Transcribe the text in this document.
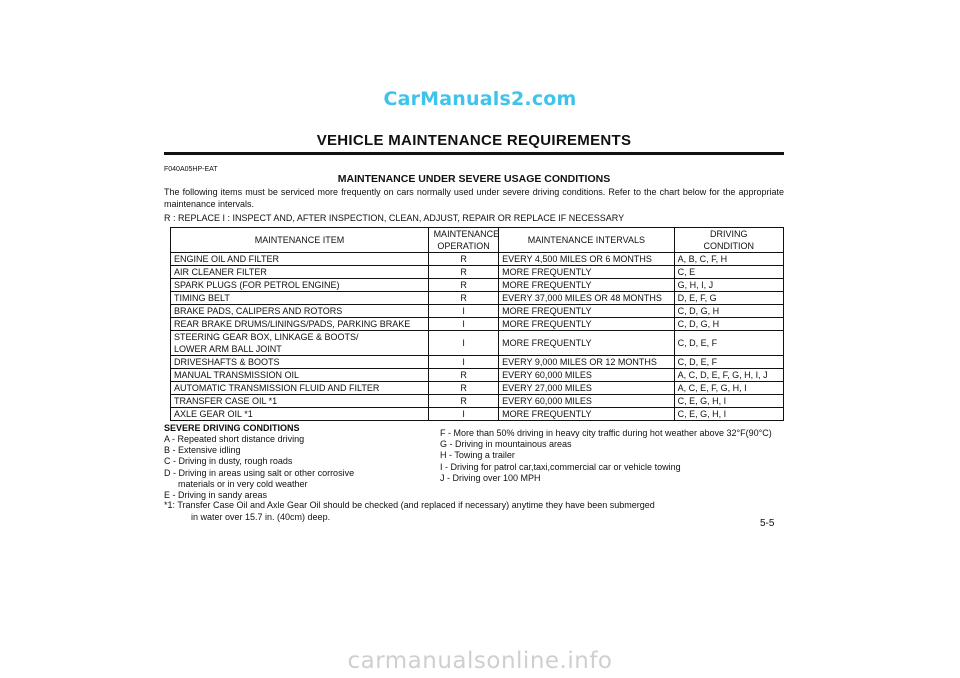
CarManuals2.com
VEHICLE MAINTENANCE REQUIREMENTS
F040A05HP-EAT
MAINTENANCE UNDER SEVERE USAGE CONDITIONS
The following items must be serviced more frequently on cars normally used under severe driving conditions. Refer to the chart below for the appropriate maintenance intervals.
R : REPLACE I : INSPECT AND, AFTER INSPECTION, CLEAN, ADJUST, REPAIR OR REPLACE IF NECESSARY
MAINTENANCE ITEM	MAINTENANCE OPERATION	MAINTENANCE INTERVALS	DRIVING CONDITION
ENGINE OIL AND FILTER	R	EVERY 4,500 MILES OR 6 MONTHS	A, B, C, F, H
AIR CLEANER FILTER	R	MORE FREQUENTLY	C, E
SPARK PLUGS (FOR PETROL ENGINE)	R	MORE FREQUENTLY	G, H, I, J
TIMING BELT	R	EVERY 37,000 MILES OR 48 MONTHS	D, E, F, G
BRAKE PADS, CALIPERS AND ROTORS	I	MORE FREQUENTLY	C, D, G, H
REAR BRAKE DRUMS/LININGS/PADS, PARKING BRAKE	I	MORE FREQUENTLY	C, D, G, H

STEERING GEAR BOX, LINKAGE & BOOTS/
LOWER ARM BALL JOINT	I	MORE FREQUENTLY	C, D, E, F
DRIVESHAFTS & BOOTS	I	EVERY 9,000 MILES OR 12 MONTHS	C, D, E, F
MANUAL TRANSMISSION OIL	R	EVERY 60,000 MILES	A, C, D, E, F, G, H, I, J
AUTOMATIC TRANSMISSION FLUID AND FILTER	R	EVERY 27,000 MILES	A, C, E, F, G, H, I
TRANSFER CASE OIL *1	R	EVERY 60,000 MILES	C, E, G, H, I
AXLE GEAR OIL *1	I	MORE FREQUENTLY	C, E, G, H, I
SEVERE DRIVING CONDITIONS
A - Repeated short distance driving
B - Extensive idling
C - Driving in dusty, rough roads
D - Driving in areas using salt or other corrosive
materials or in very cold weather
E - Driving in sandy areas
F - More than 50% driving in heavy city traffic during hot weather above 32°F(90°C)
G - Driving in mountainous areas
H - Towing a trailer
I - Driving for patrol car,taxi,commercial car or vehicle towing
J - Driving over 100 MPH
*1: Transfer Case Oil and Axle Gear Oil should be checked (and replaced if necessary) anytime they have been submerged
in water over 15.7 in. (40cm) deep.
5-5
carmanualsonline.info
